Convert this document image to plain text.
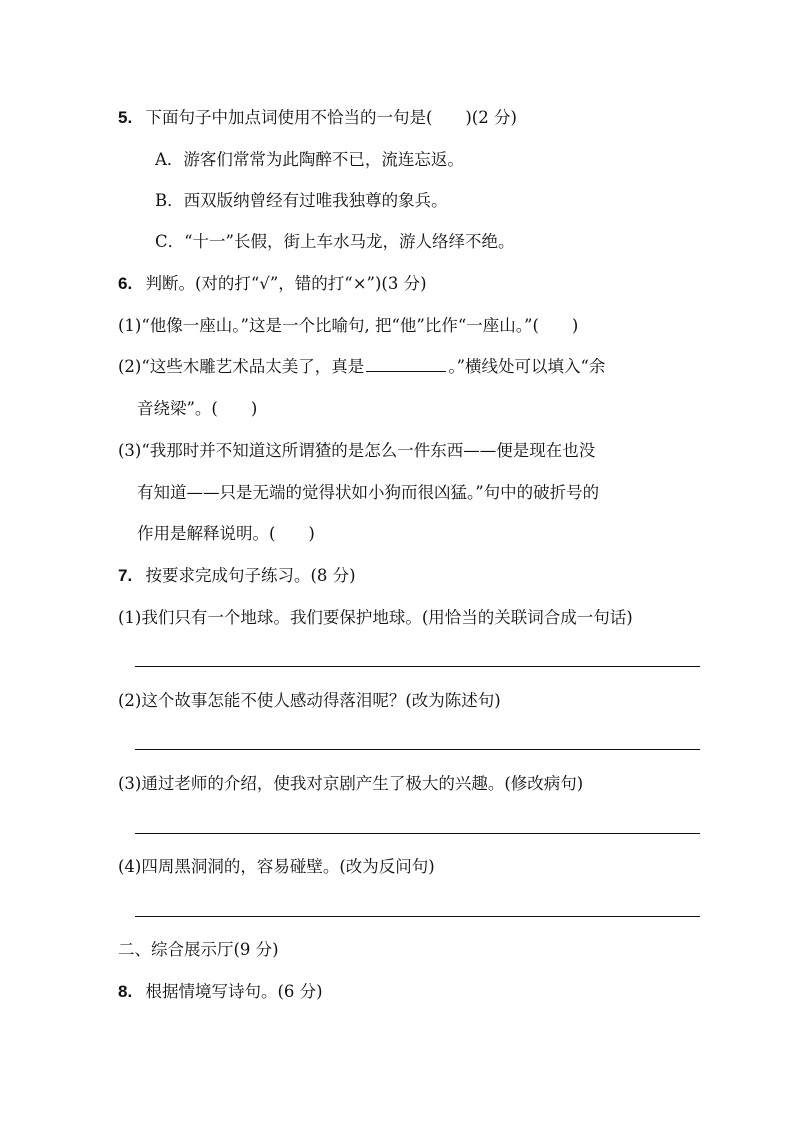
5. 下面句子中加点词使用不恰当的一句是(　　)(2 分)
A．游客们常常为此陶醉不已，流连忘返。
B．西双版纳曾经有过唯我独尊的象兵。
C．“十一”长假，街上车水马龙，游人络绎不绝。
6. 判断。(对的打“√”，错的打“×”)(3 分)
(1)“他像一座山。”这是一个比喻句, 把“他”比作“一座山。”(　　)
(2)“这些木雕艺术品太美了，真是	。”横线处可以填入“余
音绕梁”。(　　)
(3)“我那时并不知道这所谓猹的是怎么一件东西——便是现在也没
有知道——只是无端的觉得状如小狗而很凶猛。”句中的破折号的
作用是解释说明。(　　)
7. 按要求完成句子练习。(8 分)
(1)我们只有一个地球。我们要保护地球。(用恰当的关联词合成一句话)
(2)这个故事怎能不使人感动得落泪呢？(改为陈述句)
(3)通过老师的介绍，使我对京剧产生了极大的兴趣。(修改病句)
(4)四周黑洞洞的，容易碰壁。(改为反问句)
二、综合展示厅(9 分)
8. 根据情境写诗句。(6 分)
